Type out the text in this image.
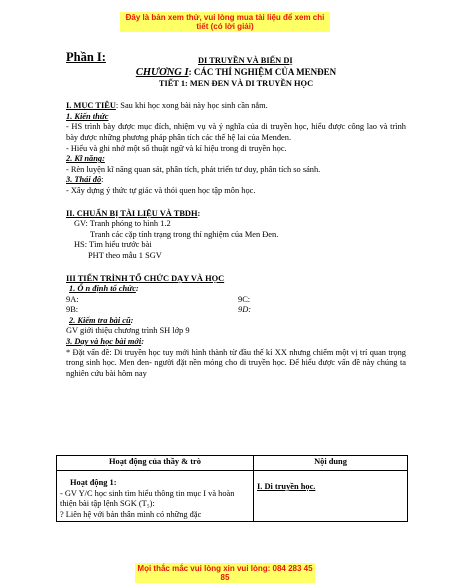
Đây là bản xem thử, vui lòng mua tài liệu để xem chi tiết (có lời giải)
Phần I:	DI TRUYỀN VÀ BIẾN DỊ
CHƯƠNG I: CÁC THÍ NGHIỆM CỦA MENĐEN
TIẾT 1: MEN ĐEN VÀ DI TRUYỀN HỌC

I. MỤC TIÊU: Sau khi học xong bài này học sinh cần nắm.

1. Kiến thức

- HS trình bày được mục đích, nhiệm vụ và ý nghĩa của di truyền học, hiểu được công lao và trình bày được những phương pháp phân tích các thế hệ lai của Menđen.

- Hiểu và ghi nhớ một số thuật ngữ và kí hiệu trong di truyền học.

2. Kĩ năng:

- Rèn luyện kĩ năng quan sát, phân tích, phát triển tư duy, phân tích so sánh.

3. Thái độ:

- Xây dựng ý thức tự giác và thói quen học tập môn học.

II. CHUẨN BỊ TÀI LIỆU VÀ TBDH:

GV: Tranh phóng to hình 1.2

Tranh các cặp tính trạng trong thí nghiệm của Men Đen.

HS: Tìm hiểu trước bài

PHT theo mẫu 1 SGV

III TIẾN TRÌNH TỔ CHỨC DẠY VÀ HỌC

1. Ổ n định tổ chức:

9A:	9C:
9B:	9D:

2. Kiểm tra bài cũ:

GV giới thiệu chương trình SH lớp 9

3. Dạy và học bài mới:

* Đặt vấn đề: Di truyền học tuy mới hình thành từ đầu thế kỉ XX nhưng chiếm một vị trí quan trọng trong sinh học. Men đen- người đặt nền móng cho di truyền học. Để hiểu được vấn đề này chúng ta nghiên cứu bài hôm nay

Hoạt động của thầy & trò	Nội dung

Hoạt động 1:
- GV Y/C học sinh tìm hiểu thông tin mục I và hoàn thiện bài tập lệnh SGK (T₅):
? Liên hệ với bản thân mình có những đặc	I. Di truyền học.
Mọi thắc mắc vui lòng xin vui lòng: 084 283 45 85
